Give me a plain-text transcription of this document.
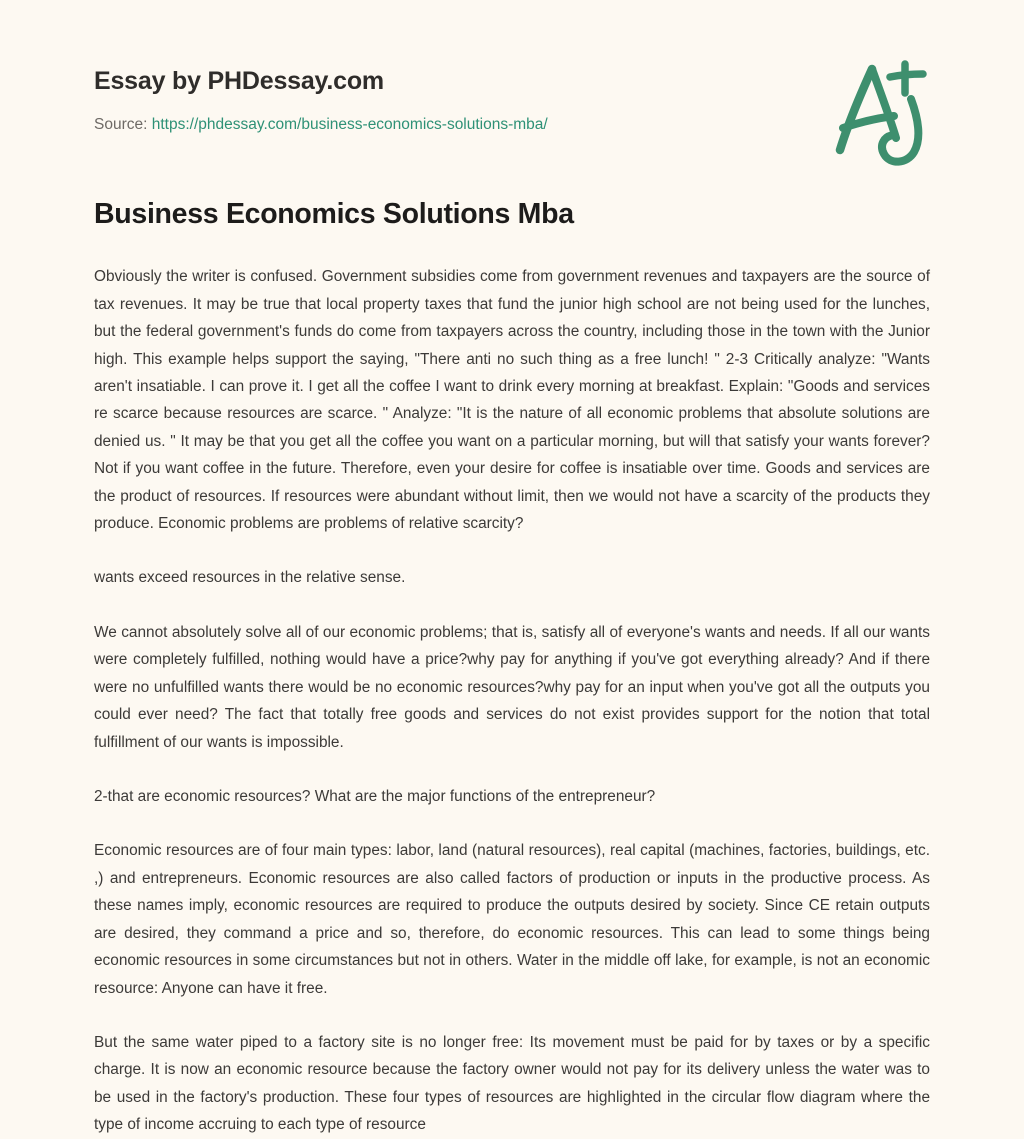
Essay by PHDessay.com
Source: https://phdessay.com/business-economics-solutions-mba/
Business Economics Solutions Mba

Obviously the writer is confused. Government subsidies come from government revenues and taxpayers are the source of tax revenues. It may be true that local property taxes that fund the junior high school are not being used for the lunches, but the federal government's funds do come from taxpayers across the country, including those in the town with the Junior high. This example helps support the saying, "There anti no such thing as a free lunch! " 2-3 Critically analyze: "Wants aren't insatiable. I can prove it. I get all the coffee I want to drink every morning at breakfast. Explain: "Goods and services re scarce because resources are scarce. " Analyze: "It is the nature of all economic problems that absolute solutions are denied us. " It may be that you get all the coffee you want on a particular morning, but will that satisfy your wants forever? Not if you want coffee in the future. Therefore, even your desire for coffee is insatiable over time. Goods and services are the product of resources. If resources were abundant without limit, then we would not have a scarcity of the products they produce. Economic problems are problems of relative scarcity?

wants exceed resources in the relative sense.

We cannot absolutely solve all of our economic problems; that is, satisfy all of everyone's wants and needs. If all our wants were completely fulfilled, nothing would have a price?why pay for anything if you've got everything already? And if there were no unfulfilled wants there would be no economic resources?why pay for an input when you've got all the outputs you could ever need? The fact that totally free goods and services do not exist provides support for the notion that total fulfillment of our wants is impossible.

2-that are economic resources? What are the major functions of the entrepreneur?

Economic resources are of four main types: labor, land (natural resources), real capital (machines, factories, buildings, etc. ,) and entrepreneurs. Economic resources are also called factors of production or inputs in the productive process. As these names imply, economic resources are required to produce the outputs desired by society. Since CE retain outputs are desired, they command a price and so, therefore, do economic resources. This can lead to some things being economic resources in some circumstances but not in others. Water in the middle off lake, for example, is not an economic resource: Anyone can have it free.

But the same water piped to a factory site is no longer free: Its movement must be paid for by taxes or by a specific charge. It is now an economic resource because the factory owner would not pay for its delivery unless the water was to be used in the factory's production. These four types of resources are highlighted in the circular flow diagram where the type of income accruing to each type of resource
